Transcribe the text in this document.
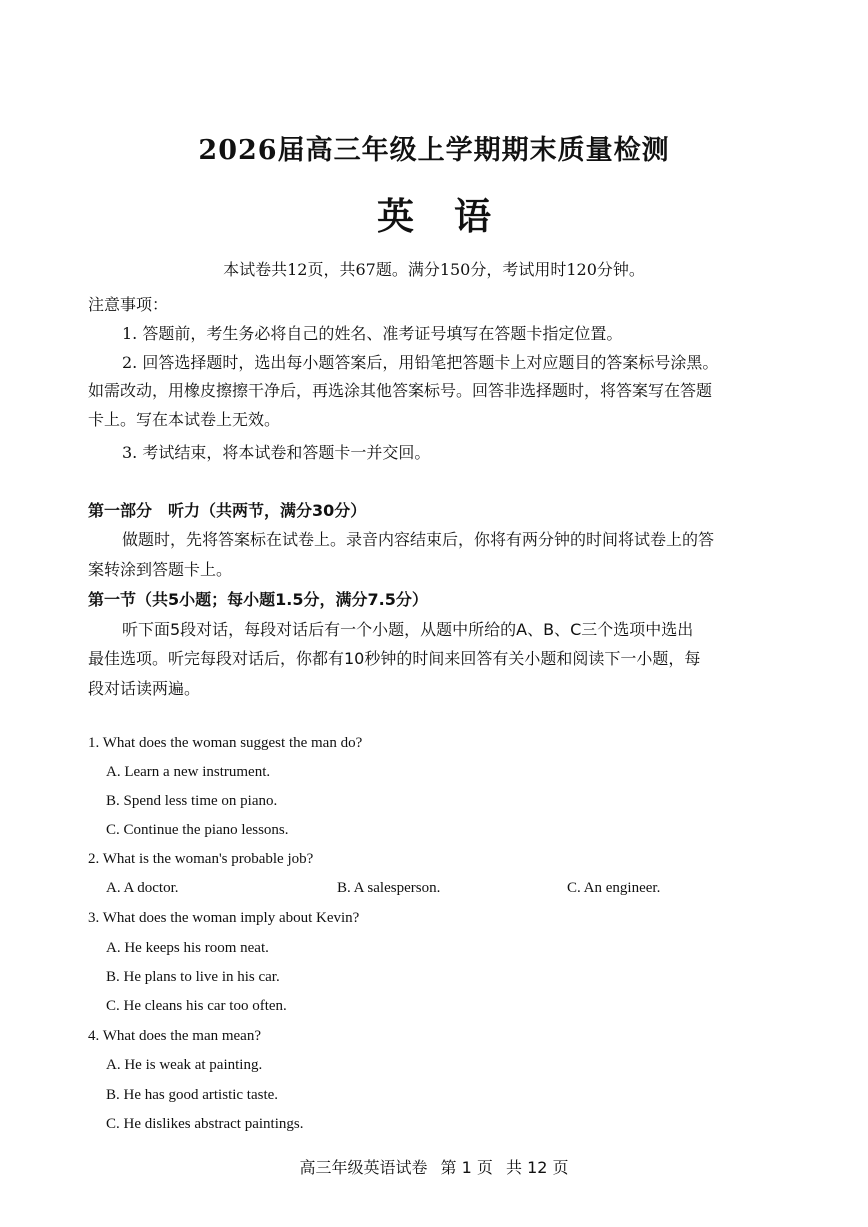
2026届高三年级上学期期末质量检测
英语
本试卷共12页，共67题。满分150分，考试用时120分钟。
注意事项：
1. 答题前，考生务必将自己的姓名、准考证号填写在答题卡指定位置。
2. 回答选择题时，选出每小题答案后，用铅笔把答题卡上对应题目的答案标号涂黑。
如需改动，用橡皮擦擦干净后，再选涂其他答案标号。回答非选择题时，将答案写在答题
卡上。写在本试卷上无效。
3. 考试结束，将本试卷和答题卡一并交回。
第一部分　听力（共两节，满分30分）
做题时，先将答案标在试卷上。录音内容结束后，你将有两分钟的时间将试卷上的答
案转涂到答题卡上。
第一节（共5小题；每小题1.5分，满分7.5分）
听下面5段对话，每段对话后有一个小题，从题中所给的A、B、C三个选项中选出
最佳选项。听完每段对话后，你都有10秒钟的时间来回答有关小题和阅读下一小题，每
段对话读两遍。
1. What does the woman suggest the man do?
A. Learn a new instrument.
B. Spend less time on piano.
C. Continue the piano lessons.
2. What is the woman's probable job?
A. A doctor.	B. A salesperson.	C. An engineer.
3. What does the woman imply about Kevin?
A. He keeps his room neat.
B. He plans to live in his car.
C. He cleans his car too often.
4. What does the man mean?
A. He is weak at painting.
B. He has good artistic taste.
C. He dislikes abstract paintings.
高三年级英语试卷 第 1 页 共 12 页
